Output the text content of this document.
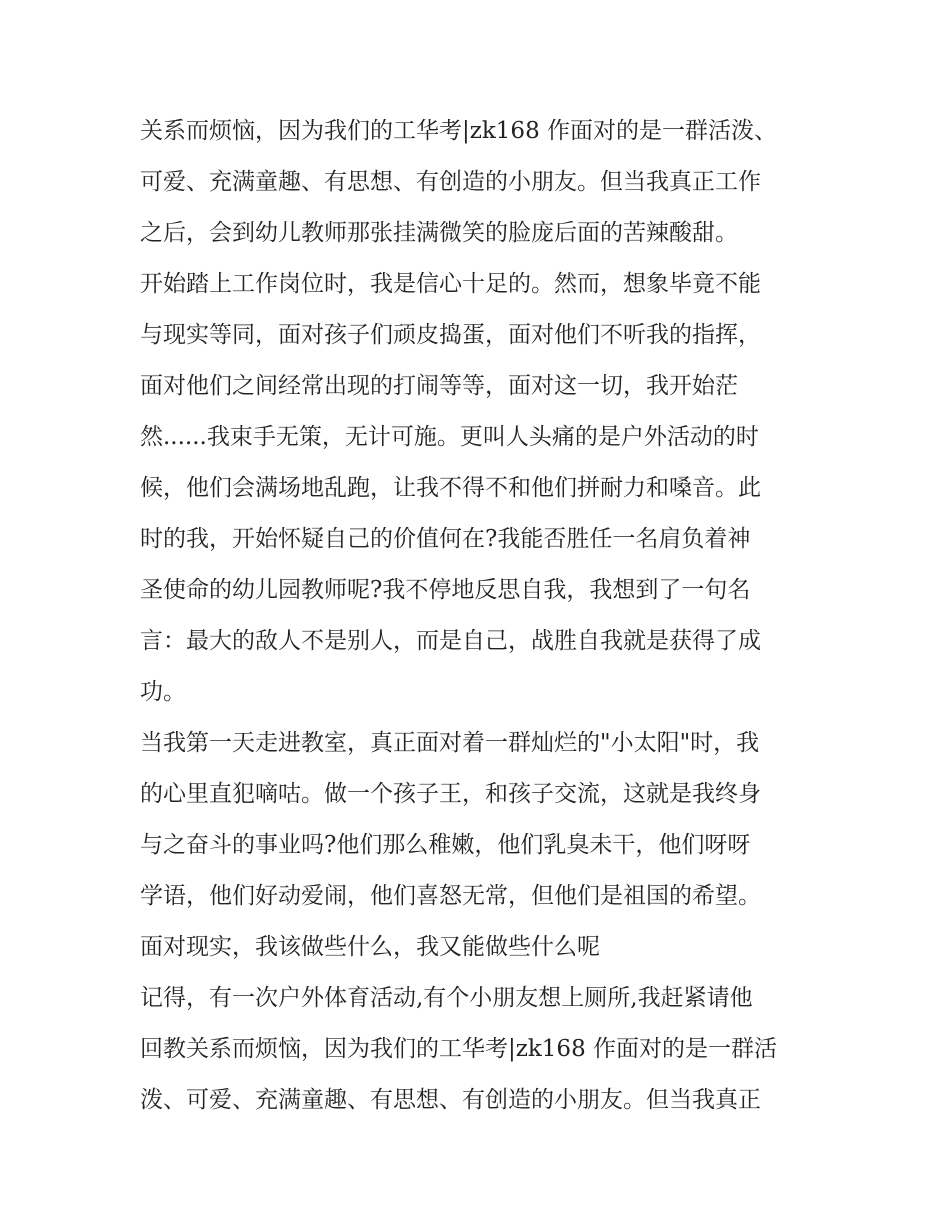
关系而烦恼，因为我们的工华考|zk168 作面对的是一群活泼、
可爱、充满童趣、有思想、有创造的小朋友。但当我真正工作
之后，会到幼儿教师那张挂满微笑的脸庞后面的苦辣酸甜。
开始踏上工作岗位时，我是信心十足的。然而，想象毕竟不能
与现实等同，面对孩子们顽皮捣蛋，面对他们不听我的指挥，
面对他们之间经常出现的打闹等等，面对这一切，我开始茫
然......我束手无策，无计可施。更叫人头痛的是户外活动的时
候，他们会满场地乱跑，让我不得不和他们拼耐力和嗓音。此
时的我，开始怀疑自己的价值何在?我能否胜任一名肩负着神
圣使命的幼儿园教师呢?我不停地反思自我，我想到了一句名
言：最大的敌人不是别人，而是自己，战胜自我就是获得了成
功。
当我第一天走进教室，真正面对着一群灿烂的"小太阳"时，我
的心里直犯嘀咕。做一个孩子王，和孩子交流，这就是我终身
与之奋斗的事业吗?他们那么稚嫩，他们乳臭未干，他们呀呀
学语，他们好动爱闹，他们喜怒无常，但他们是祖国的希望。
面对现实，我该做些什么，我又能做些什么呢
记得，有一次户外体育活动,有个小朋友想上厕所,我赶紧请他
回教关系而烦恼，因为我们的工华考|zk168 作面对的是一群活
泼、可爱、充满童趣、有思想、有创造的小朋友。但当我真正
